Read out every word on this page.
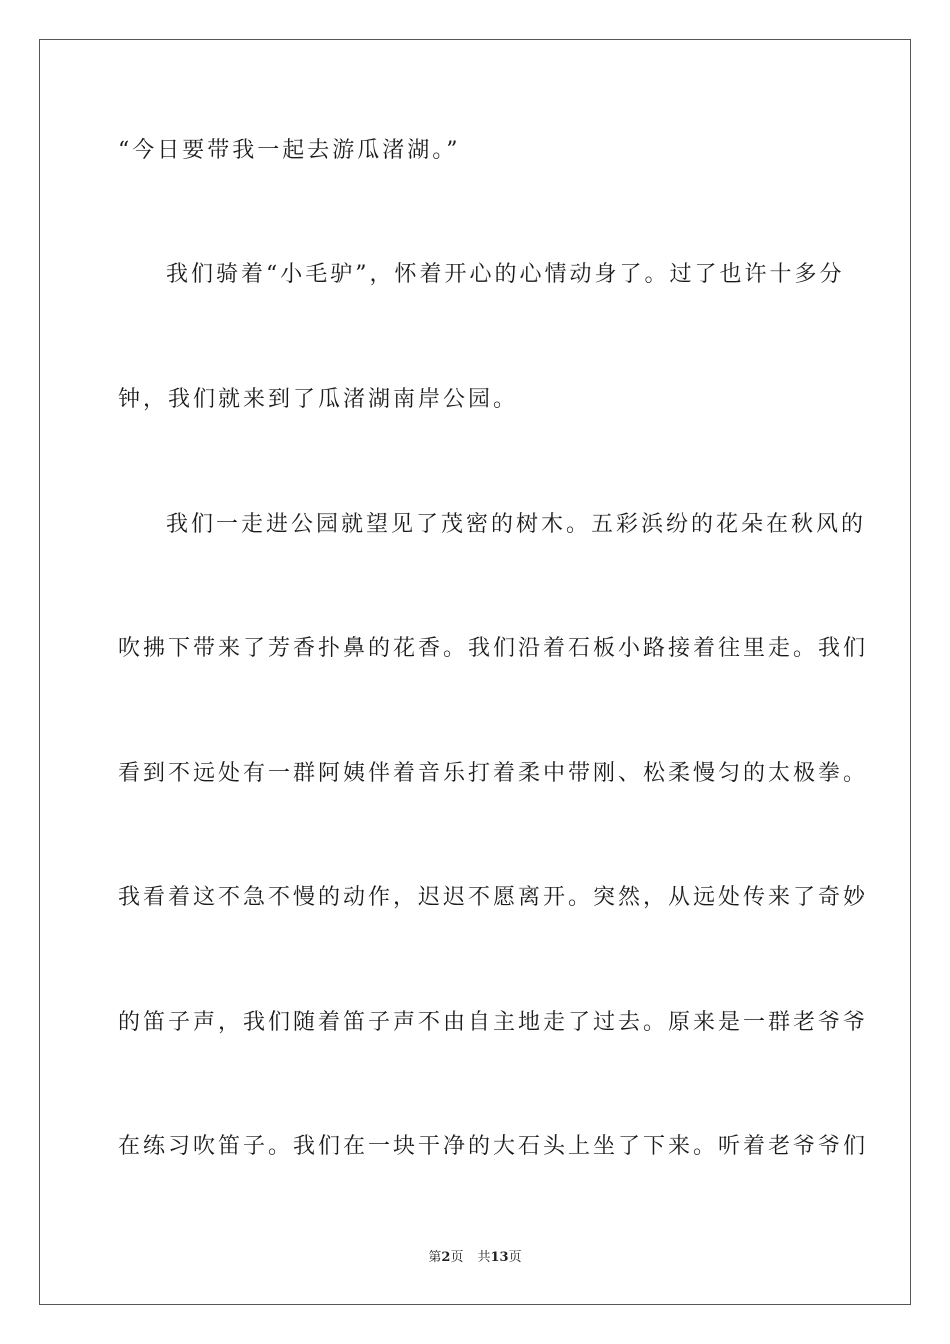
“今日要带我一起去游瓜渚湖。”
我们骑着“小毛驴”，怀着开心的心情动身了。过了也许十多分
钟，我们就来到了瓜渚湖南岸公园。
我们一走进公园就望见了茂密的树木。五彩浜纷的花朵在秋风的
吹拂下带来了芳香扑鼻的花香。我们沿着石板小路接着往里走。我们
看到不远处有一群阿姨伴着音乐打着柔中带刚、松柔慢匀的太极拳。
我看着这不急不慢的动作，迟迟不愿离开。突然，从远处传来了奇妙
的笛子声，我们随着笛子声不由自主地走了过去。原来是一群老爷爷
在练习吹笛子。我们在一块干净的大石头上坐了下来。听着老爷爷们
第2页 共13页
